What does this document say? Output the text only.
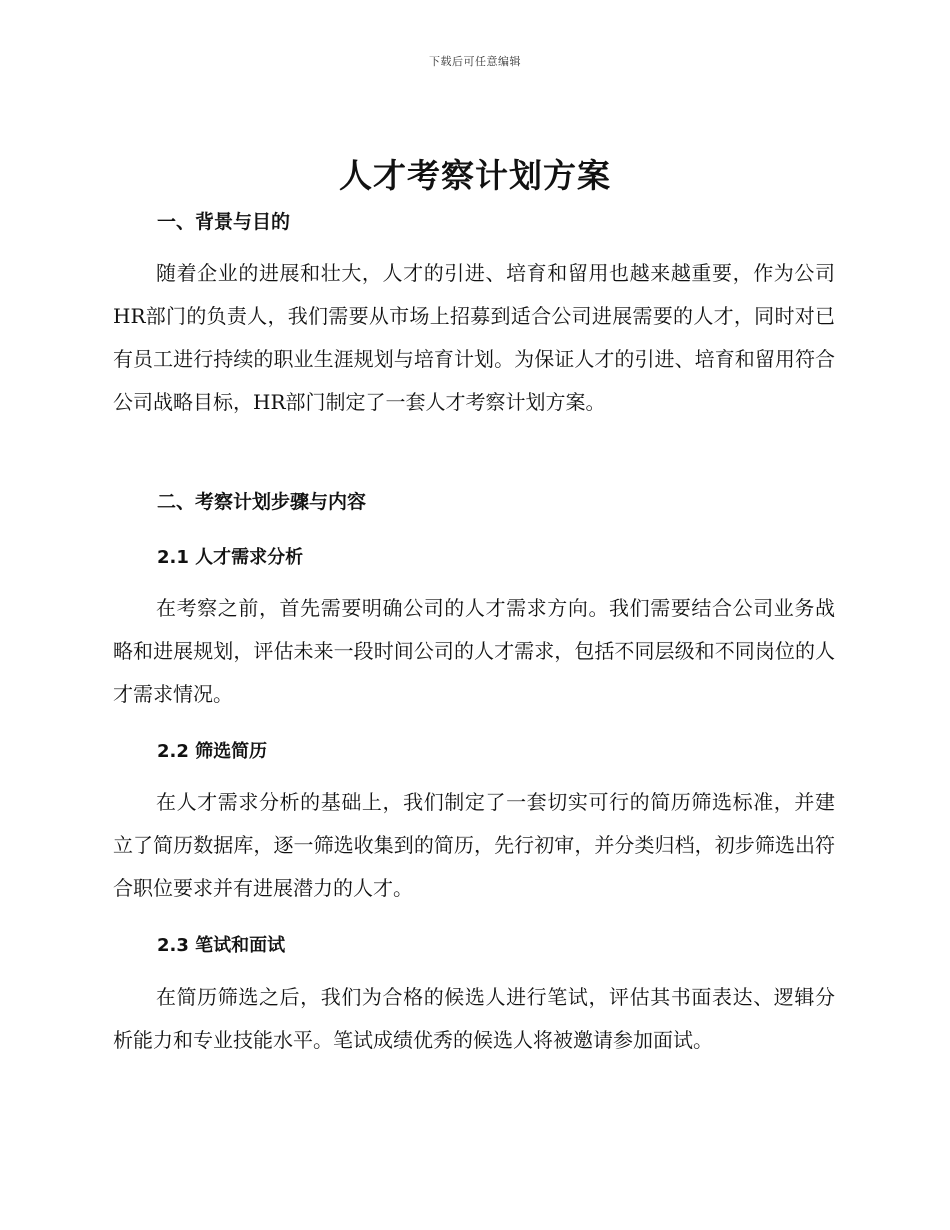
下载后可任意编辑
人才考察计划方案
一、背景与目的

随着企业的进展和壮大，人才的引进、培育和留用也越来越重要，作为公司HR部门的负责人，我们需要从市场上招募到适合公司进展需要的人才，同时对已有员工进行持续的职业生涯规划与培育计划。为保证人才的引进、培育和留用符合公司战略目标，HR部门制定了一套人才考察计划方案。

二、考察计划步骤与内容
2.1 人才需求分析

在考察之前，首先需要明确公司的人才需求方向。我们需要结合公司业务战略和进展规划，评估未来一段时间公司的人才需求，包括不同层级和不同岗位的人才需求情况。

2.2 筛选简历

在人才需求分析的基础上，我们制定了一套切实可行的简历筛选标准，并建立了简历数据库，逐一筛选收集到的简历，先行初审，并分类归档，初步筛选出符合职位要求并有进展潜力的人才。

2.3 笔试和面试

在简历筛选之后，我们为合格的候选人进行笔试，评估其书面表达、逻辑分析能力和专业技能水平。笔试成绩优秀的候选人将被邀请参加面试。
